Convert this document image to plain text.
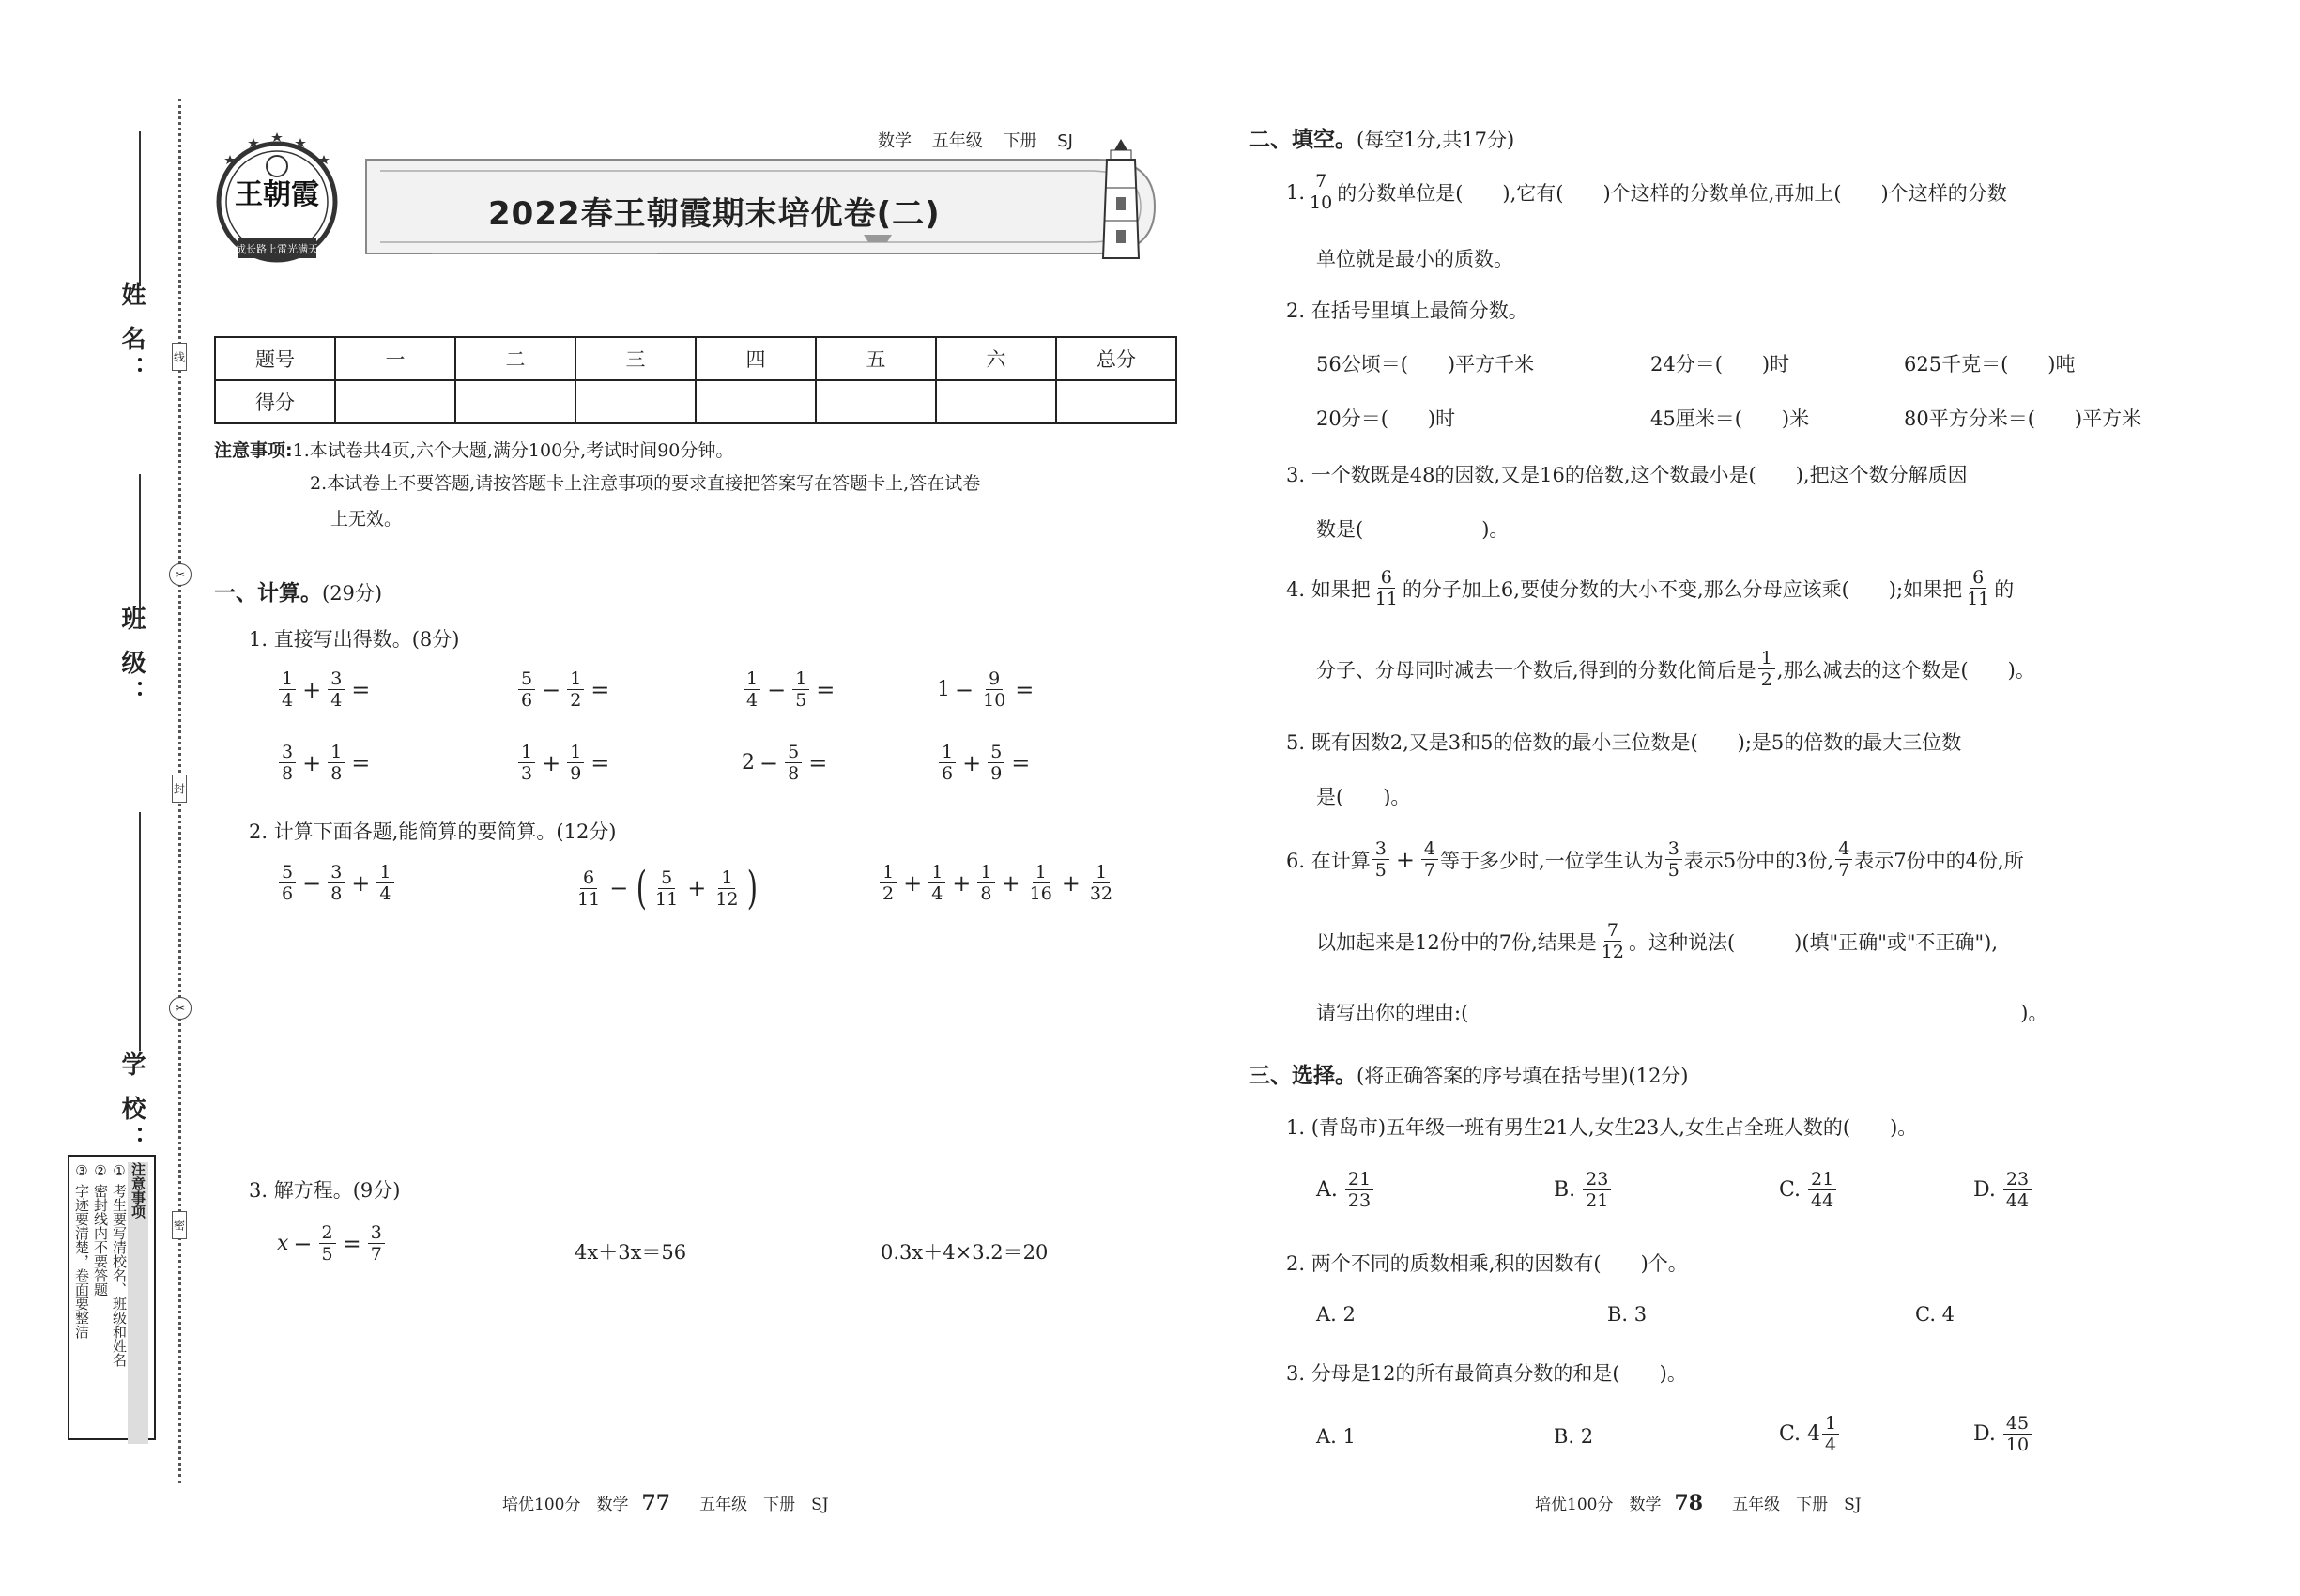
姓 名：
班 级：
学 校：
线
✂
封
✂
密
注意事项
① 考生要写清校名、班级和姓名
② 密封线内不要答题
③ 字迹要清楚，卷面要整洁
王朝霞
成长路上 雷光满天
数学 五年级 下册 SJ
2022春王朝霞期末培优卷(二)
题号	一	二	三	四	五	六	总分
得分							
注意事项:1.本试卷共4页,六个大题,满分100分,考试时间90分钟。
2.本试卷上不要答题,请按答题卡上注意事项的要求直接把答案写在答题卡上,答在试卷
上无效。
一、计算。(29分)
1. 直接写出得数。(8分)
$\frac{1}{4} + \frac{3}{4}$ =	$\frac{5}{6} - \frac{1}{2}$ =	$\frac{1}{4} - \frac{1}{5}$ =	$1 - \frac{9}{10}$ =
$\frac{3}{8} + \frac{1}{8}$ =	$\frac{1}{3} + \frac{1}{9}$ =	$2 - \frac{5}{8}$ =	$\frac{1}{6} + \frac{5}{9}$ =
2. 计算下面各题,能简算的要简算。(12分)
$\frac{5}{6} - \frac{3}{8} + \frac{1}{4}$	$\frac{6}{11}$ − ( $\frac{5}{11} + \frac{1}{12}$ )	$\frac{1}{2} + \frac{1}{4} + \frac{1}{8} + \frac{1}{16} + \frac{1}{32}$
3. 解方程。(9分)
$x - \frac{2}{5} = \frac{3}{7}$	4x＋3x＝56	0.3x＋4×3.2＝20
培优100分　 数学 77　 五年级　 下册　 SJ
二、填空。(每空1分,共17分)
1. $\frac{7}{10}$ 的分数单位是(　　),它有(　　)个这样的分数单位,再加上(　　)个这样的分数
单位就是最小的质数。
2. 在括号里填上最简分数。
56公顷＝(　　)平方千米	24分＝(　　)时	625千克＝(　　)吨
20分＝(　　)时	45厘米＝(　　)米	80平方分米＝(　　)平方米
3. 一个数既是48的因数,又是16的倍数,这个数最小是(　　),把这个数分解质因
数是(　　　　　　)。
4. 如果把 $\frac{6}{11}$ 的分子加上6,要使分数的大小不变,那么分母应该乘(　　);如果把 $\frac{6}{11}$ 的
分子、分母同时减去一个数后,得到的分数化简后是 $\frac{1}{2}$ ,那么减去的这个数是(　　)。
5. 既有因数2,又是3和5的倍数的最小三位数是(　　);是5的倍数的最大三位数
是(　　)。
6. 在计算 $\frac{3}{5} + \frac{4}{7}$ 等于多少时,一位学生认为 $\frac{3}{5}$ 表示5份中的3份, $\frac{4}{7}$ 表示7份中的4份,所
以加起来是12份中的7份,结果是 $\frac{7}{12}$ 。这种说法(　　　)(填"正确"或"不正确"),
请写出你的理由:(　　　　　　　　　　　　　　　　　　　　　　　　　　　　)。
三、选择。(将正确答案的序号填在括号里)(12分)
1. (青岛市)五年级一班有男生21人,女生23人,女生占全班人数的(　　)。
A. $\frac{21}{23}$	B. $\frac{23}{21}$	C. $\frac{21}{44}$	D. $\frac{23}{44}$
2. 两个不同的质数相乘,积的因数有(　　)个。
A. 2	B. 3	C. 4
3. 分母是12的所有最简真分数的和是(　　)。
A. 1	B. 2	C. $4 \frac{1}{4}$	D. $\frac{45}{10}$
培优100分　 数学 78　 五年级　 下册　 SJ
